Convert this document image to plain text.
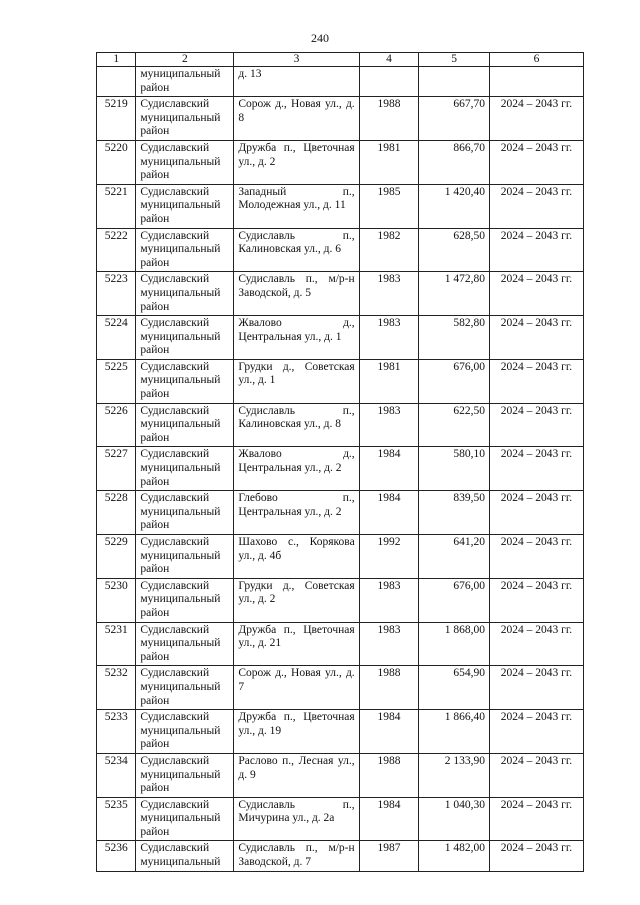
240
1	2	3	4	5	6
	муниципальный район	д. 13			
5219	Судиславский муниципальный район	Сорож д., Новая ул., д. 8	1988	667,70	2024 – 2043 гг.
5220	Судиславский муниципальный район	Дружба п., Цветочная ул., д. 2	1981	866,70	2024 – 2043 гг.
5221	Судиславский муниципальный район	Западный п., Молодежная ул., д. 11	1985	1 420,40	2024 – 2043 гг.
5222	Судиславский муниципальный район	Судиславль п., Калиновская ул., д. 6	1982	628,50	2024 – 2043 гг.
5223	Судиславский муниципальный район	Судиславль п., м/р-н Заводской, д. 5	1983	1 472,80	2024 – 2043 гг.
5224	Судиславский муниципальный район	Жвалово д., Центральная ул., д. 1	1983	582,80	2024 – 2043 гг.
5225	Судиславский муниципальный район	Грудки д., Советская ул., д. 1	1981	676,00	2024 – 2043 гг.
5226	Судиславский муниципальный район	Судиславль п., Калиновская ул., д. 8	1983	622,50	2024 – 2043 гг.
5227	Судиславский муниципальный район	Жвалово д., Центральная ул., д. 2	1984	580,10	2024 – 2043 гг.
5228	Судиславский муниципальный район	Глебово п., Центральная ул., д. 2	1984	839,50	2024 – 2043 гг.
5229	Судиславский муниципальный район	Шахово с., Корякова ул., д. 4б	1992	641,20	2024 – 2043 гг.
5230	Судиславский муниципальный район	Грудки д., Советская ул., д. 2	1983	676,00	2024 – 2043 гг.
5231	Судиславский муниципальный район	Дружба п., Цветочная ул., д. 21	1983	1 868,00	2024 – 2043 гг.
5232	Судиславский муниципальный район	Сорож д., Новая ул., д. 7	1988	654,90	2024 – 2043 гг.
5233	Судиславский муниципальный район	Дружба п., Цветочная ул., д. 19	1984	1 866,40	2024 – 2043 гг.
5234	Судиславский муниципальный район	Раслово п., Лесная ул., д. 9	1988	2 133,90	2024 – 2043 гг.
5235	Судиславский муниципальный район	Судиславль п., Мичурина ул., д. 2а	1984	1 040,30	2024 – 2043 гг.
5236	Судиславский муниципальный	Судиславль п., м/р-н Заводской, д. 7	1987	1 482,00	2024 – 2043 гг.
